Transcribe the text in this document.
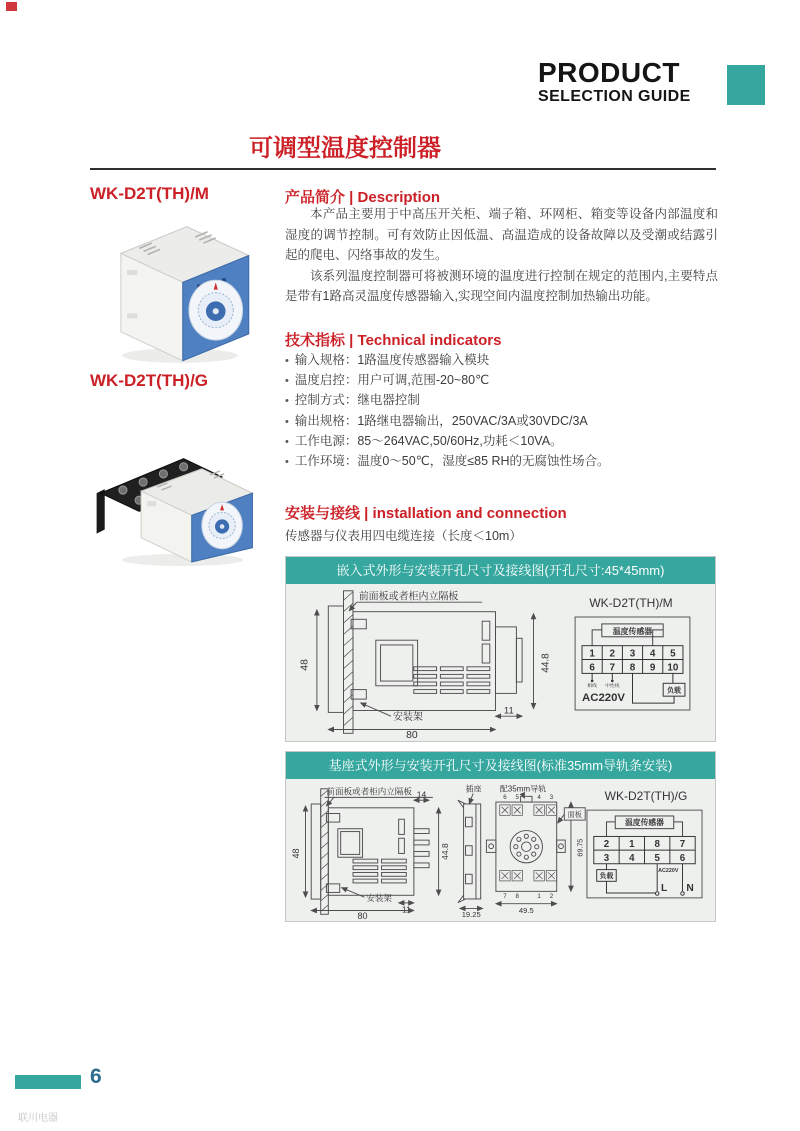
PRODUCT
SELECTION GUIDE
可调型温度控制器
WK-D2T(TH)/M
WK-D2T(TH)/G
产品简介 | Description

本产品主要用于中高压开关柜、端子箱、环网柜、箱变等设备内部温度和湿度的调节控制。可有效防止因低温、高温造成的设备故障以及受潮或结露引起的爬电、闪络事故的发生。

该系列温度控制器可将被测环境的温度进行控制在规定的范围内,主要特点是带有1路高灵温度传感器输入,实现空间内温度控制加热输出功能。

技术指标 | Technical indicators
• 输入规格：1路温度传感器输入模块
• 温度启控：用户可调,范围-20~80℃
• 控制方式：继电器控制
• 输出规格：1路继电器输出，250VAC/3A或30VDC/3A
• 工作电源：85～264VAC,50/60Hz,功耗＜10VA。
• 工作环境：温度0～50℃，湿度≤85 RH的无腐蚀性场合。
安装与接线 | installation and connection
传感器与仪表用四电缆连接（长度＜10m）
嵌入式外形与安装开孔尺寸及接线图(开孔尺寸:45*45mm)
前面板或者柜内立隔板
48	44.8
11
80
安装架
WK-D2T(TH)/M
温度传感器
1 2 3 4 5
6 7 8 9 10
相线 中性线
AC220V
负载
基座式外形与安装开孔尺寸及接线图(标准35mm导轨条安装)
前面板或者柜内立隔板
48
14
44.8
11
80
安装架
插座 配35mm导轨
19.25
6 5	4 3
7 8	1 2
69.75
面板
49.5
WK-D2T(TH)/G
温度传感器
2 1 8 7
3 4 5 6
负载
AC220V
L N
6
联川电器
